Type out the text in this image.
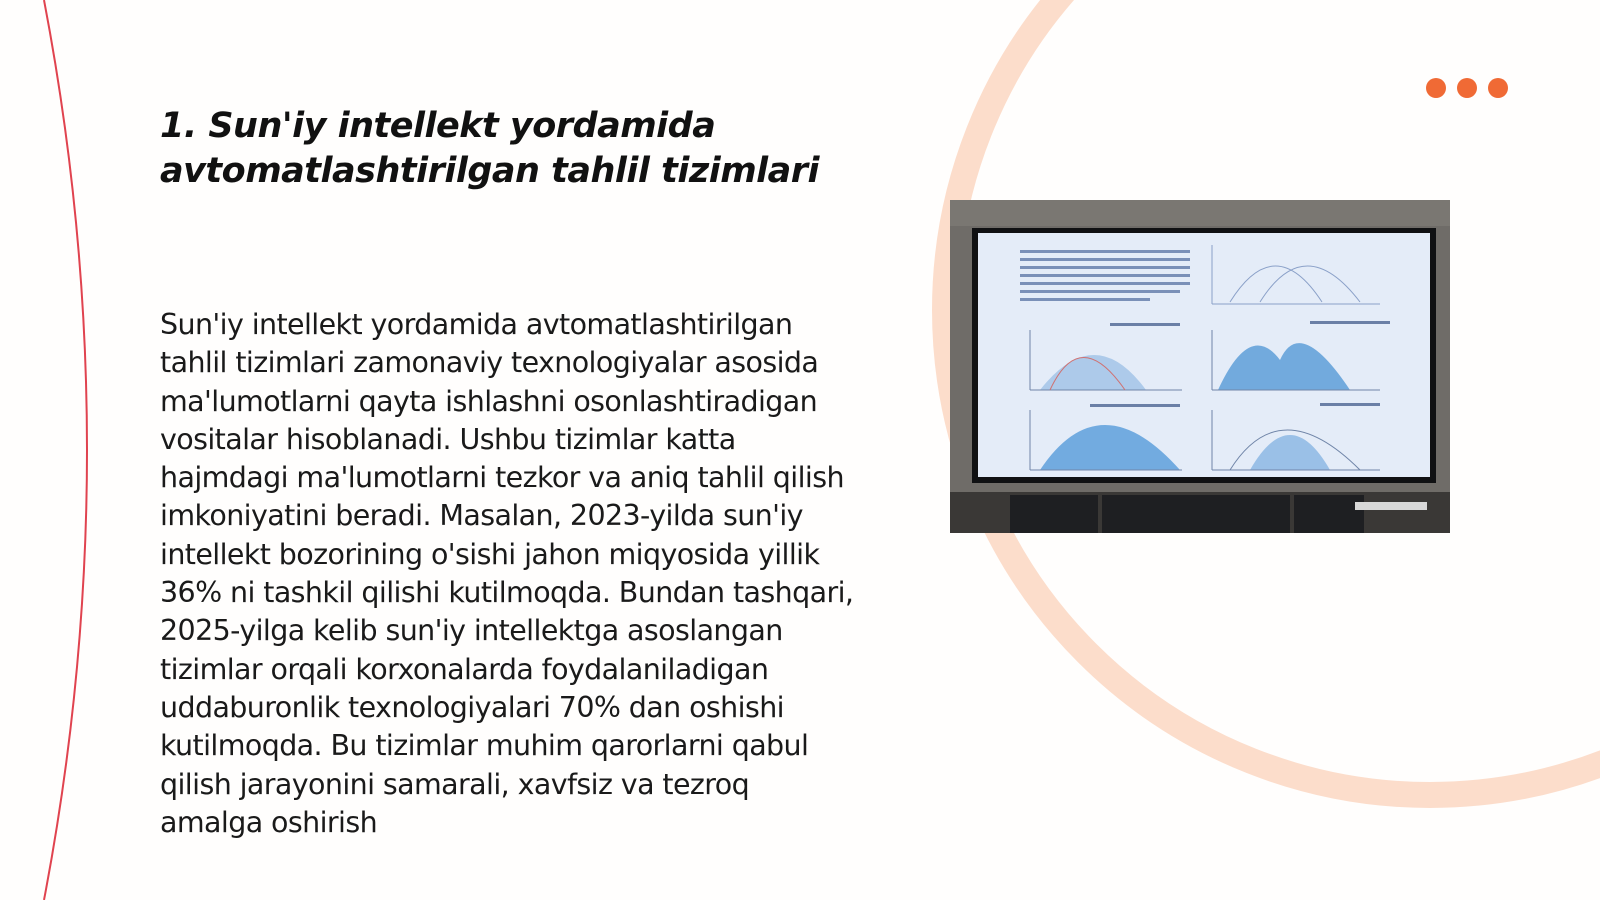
1. Sun'iy intellekt yordamida avtomatlashtirilgan tahlil tizimlari

Sun'iy intellekt yordamida avtomatlashtirilgan tahlil tizimlari zamonaviy texnologiyalar asosida ma'lumotlarni qayta ishlashni osonlashtiradigan vositalar hisoblanadi. Ushbu tizimlar katta hajmdagi ma'lumotlarni tezkor va aniq tahlil qilish imkoniyatini beradi. Masalan, 2023-yilda sun'iy intellekt bozorining o'sishi jahon miqyosida yillik 36% ni tashkil qilishi kutilmoqda. Bundan tashqari, 2025-yilga kelib sun'iy intellektga asoslangan tizimlar orqali korxonalarda foydalaniladigan uddaburonlik texnologiyalari 70% dan oshishi kutilmoqda. Bu tizimlar muhim qarorlarni qabul qilish jarayonini samarali, xavfsiz va tezroq amalga oshirish
